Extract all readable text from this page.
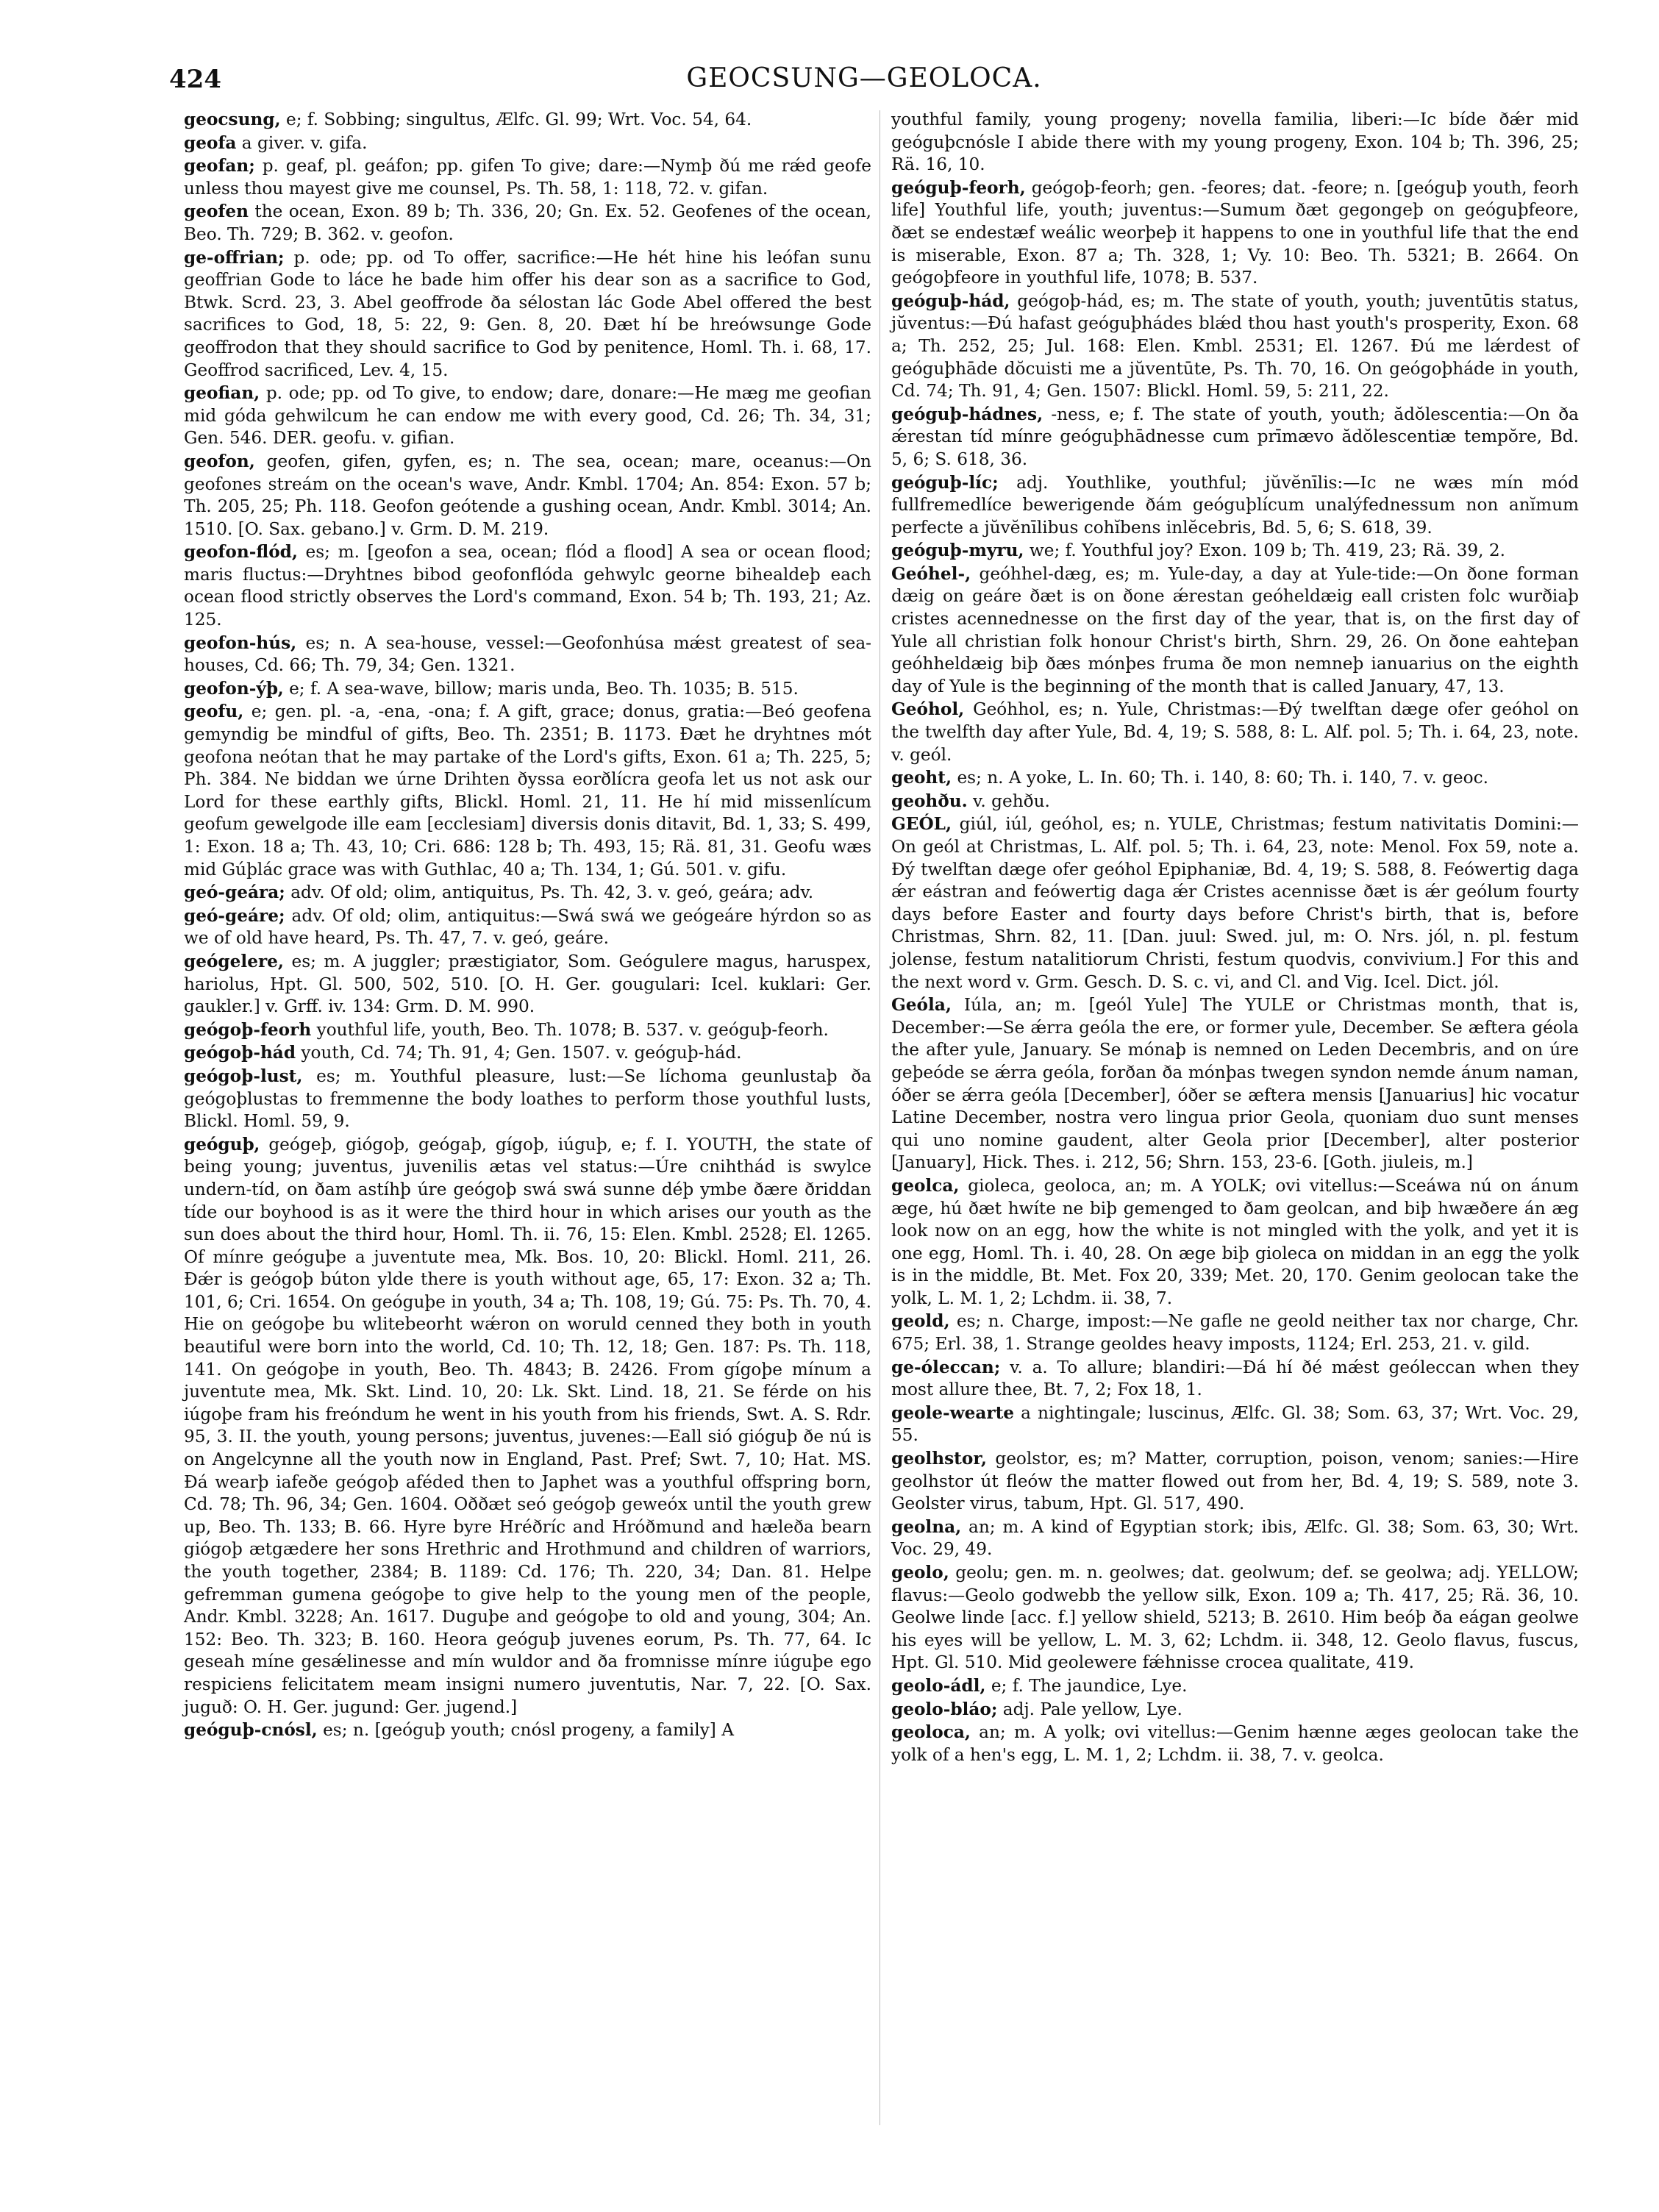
424	GEOCSUNG—GEOLOCA.

geocsung, e; f. Sobbing; singultus, Ælfc. Gl. 99; Wrt. Voc. 54, 64.

geofa a giver. v. gifa.

geofan; p. geaf, pl. geáfon; pp. gifen To give; dare:—Nymþ ðú me rǽd geofe unless thou mayest give me counsel, Ps. Th. 58, 1: 118, 72. v. gifan.

geofen the ocean, Exon. 89 b; Th. 336, 20; Gn. Ex. 52. Geofenes of the ocean, Beo. Th. 729; B. 362. v. geofon.

ge-offrian; p. ode; pp. od To offer, sacrifice:—He hét hine his leófan sunu geoffrian Gode to láce he bade him offer his dear son as a sacrifice to God, Btwk. Scrd. 23, 3. Abel geoffrode ða sélostan lác Gode Abel offered the best sacrifices to God, 18, 5: 22, 9: Gen. 8, 20. Ðæt hí be hreówsunge Gode geoffrodon that they should sacrifice to God by penitence, Homl. Th. i. 68, 17. Geoffrod sacrificed, Lev. 4, 15.

geofian, p. ode; pp. od To give, to endow; dare, donare:—He mæg me geofian mid góda gehwilcum he can endow me with every good, Cd. 26; Th. 34, 31; Gen. 546. DER. geofu. v. gifian.

geofon, geofen, gifen, gyfen, es; n. The sea, ocean; mare, oceanus:—On geofones streám on the ocean's wave, Andr. Kmbl. 1704; An. 854: Exon. 57 b; Th. 205, 25; Ph. 118. Geofon geótende a gushing ocean, Andr. Kmbl. 3014; An. 1510. [O. Sax. gebano.] v. Grm. D. M. 219.

geofon-flód, es; m. [geofon a sea, ocean; flód a flood] A sea or ocean flood; maris fluctus:—Dryhtnes bibod geofonflóda gehwylc georne bihealdeþ each ocean flood strictly observes the Lord's command, Exon. 54 b; Th. 193, 21; Az. 125.

geofon-hús, es; n. A sea-house, vessel:—Geofonhúsa mǽst greatest of sea-houses, Cd. 66; Th. 79, 34; Gen. 1321.

geofon-ýþ, e; f. A sea-wave, billow; maris unda, Beo. Th. 1035; B. 515.

geofu, e; gen. pl. -a, -ena, -ona; f. A gift, grace; donus, gratia:—Beó geofena gemyndig be mindful of gifts, Beo. Th. 2351; B. 1173. Ðæt he dryhtnes mót geofona neótan that he may partake of the Lord's gifts, Exon. 61 a; Th. 225, 5; Ph. 384. Ne biddan we úrne Drihten ðyssa eorðlícra geofa let us not ask our Lord for these earthly gifts, Blickl. Homl. 21, 11. He hí mid missenlícum geofum gewelgode ille eam [ecclesiam] diversis donis ditavit, Bd. 1, 33; S. 499, 1: Exon. 18 a; Th. 43, 10; Cri. 686: 128 b; Th. 493, 15; Rä. 81, 31. Geofu wæs mid Gúþlác grace was with Guthlac, 40 a; Th. 134, 1; Gú. 501. v. gifu.

geó-geára; adv. Of old; olim, antiquitus, Ps. Th. 42, 3. v. geó, geára; adv.

geó-geáre; adv. Of old; olim, antiquitus:—Swá swá we geógeáre hýrdon so as we of old have heard, Ps. Th. 47, 7. v. geó, geáre.

geógelere, es; m. A juggler; præstigiator, Som. Geógulere magus, haruspex, hariolus, Hpt. Gl. 500, 502, 510. [O. H. Ger. gougulari: Icel. kuklari: Ger. gaukler.] v. Grff. iv. 134: Grm. D. M. 990.

geógoþ-feorh youthful life, youth, Beo. Th. 1078; B. 537. v. geóguþ-feorh.

geógoþ-hád youth, Cd. 74; Th. 91, 4; Gen. 1507. v. geóguþ-hád.

geógoþ-lust, es; m. Youthful pleasure, lust:—Se líchoma geunlustaþ ða geógoþlustas to fremmenne the body loathes to perform those youthful lusts, Blickl. Homl. 59, 9.

geóguþ, geógeþ, giógoþ, geógaþ, gígoþ, iúguþ, e; f. I. YOUTH, the state of being young; juventus, juvenilis ætas vel status:—Úre cnihthád is swylce undern-tíd, on ðam astíhþ úre geógoþ swá swá sunne déþ ymbe ðære ðriddan tíde our boyhood is as it were the third hour in which arises our youth as the sun does about the third hour, Homl. Th. ii. 76, 15: Elen. Kmbl. 2528; El. 1265. Of mínre geóguþe a juventute mea, Mk. Bos. 10, 20: Blickl. Homl. 211, 26. Ðǽr is geógoþ búton ylde there is youth without age, 65, 17: Exon. 32 a; Th. 101, 6; Cri. 1654. On geóguþe in youth, 34 a; Th. 108, 19; Gú. 75: Ps. Th. 70, 4. Hie on geógoþe bu wlitebeorht wǽron on woruld cenned they both in youth beautiful were born into the world, Cd. 10; Th. 12, 18; Gen. 187: Ps. Th. 118, 141. On geógoþe in youth, Beo. Th. 4843; B. 2426. From gígoþe mínum a juventute mea, Mk. Skt. Lind. 10, 20: Lk. Skt. Lind. 18, 21. Se férde on his iúgoþe fram his freóndum he went in his youth from his friends, Swt. A. S. Rdr. 95, 3. II. the youth, young persons; juventus, juvenes:—Eall sió gióguþ ðe nú is on Angelcynne all the youth now in England, Past. Pref; Swt. 7, 10; Hat. MS. Ðá wearþ iafeðe geógoþ aféded then to Japhet was a youthful offspring born, Cd. 78; Th. 96, 34; Gen. 1604. Oððæt seó geógoþ geweóx until the youth grew up, Beo. Th. 133; B. 66. Hyre byre Hréðríc and Hróðmund and hæleða bearn giógoþ ætgædere her sons Hrethric and Hrothmund and children of warriors, the youth together, 2384; B. 1189: Cd. 176; Th. 220, 34; Dan. 81. Helpe gefremman gumena geógoþe to give help to the young men of the people, Andr. Kmbl. 3228; An. 1617. Duguþe and geógoþe to old and young, 304; An. 152: Beo. Th. 323; B. 160. Heora geóguþ juvenes eorum, Ps. Th. 77, 64. Ic geseah míne gesǽlinesse and mín wuldor and ða fromnisse mínre iúguþe ego respiciens felicitatem meam insigni numero juventutis, Nar. 7, 22. [O. Sax. juguð: O. H. Ger. jugund: Ger. jugend.]

geóguþ-cnósl, es; n. [geóguþ youth; cnósl progeny, a family] A

youthful family, young progeny; novella familia, liberi:—Ic bíde ðǽr mid geóguþcnósle I abide there with my young progeny, Exon. 104 b; Th. 396, 25; Rä. 16, 10.

geóguþ-feorh, geógoþ-feorh; gen. -feores; dat. -feore; n. [geóguþ youth, feorh life] Youthful life, youth; juventus:—Sumum ðæt gegongeþ on geóguþfeore, ðæt se endestæf weálic weorþeþ it happens to one in youthful life that the end is miserable, Exon. 87 a; Th. 328, 1; Vy. 10: Beo. Th. 5321; B. 2664. On geógoþfeore in youthful life, 1078; B. 537.

geóguþ-hád, geógoþ-hád, es; m. The state of youth, youth; juventūtis status, jŭventus:—Ðú hafast geóguþhádes blǽd thou hast youth's prosperity, Exon. 68 a; Th. 252, 25; Jul. 168: Elen. Kmbl. 2531; El. 1267. Ðú me lǽrdest of geóguþhāde dŏcuisti me a jŭventūte, Ps. Th. 70, 16. On geógoþháde in youth, Cd. 74; Th. 91, 4; Gen. 1507: Blickl. Homl. 59, 5: 211, 22.

geóguþ-hádnes, -ness, e; f. The state of youth, youth; ădŏlescentia:—On ða ǽrestan tíd mínre geóguþhādnesse cum prīmævo ădŏlescentiæ tempŏre, Bd. 5, 6; S. 618, 36.

geóguþ-líc; adj. Youthlike, youthful; jŭvĕnīlis:—Ic ne wæs mín mód fullfremedlíce bewerigende ðám geóguþlícum unalýfednessum non anĭmum perfecte a jŭvĕnīlibus cohĭbens inlĕcebris, Bd. 5, 6; S. 618, 39.

geóguþ-myru, we; f. Youthful joy? Exon. 109 b; Th. 419, 23; Rä. 39, 2.

Geóhel-, geóhhel-dæg, es; m. Yule-day, a day at Yule-tide:—On ðone forman dæig on geáre ðæt is on ðone ǽrestan geóheldæig eall cristen folc wurðiaþ cristes acennednesse on the first day of the year, that is, on the first day of Yule all christian folk honour Christ's birth, Shrn. 29, 26. On ðone eahteþan geóhheldæig biþ ðæs mónþes fruma ðe mon nemneþ ianuarius on the eighth day of Yule is the beginning of the month that is called January, 47, 13.

Geóhol, Geóhhol, es; n. Yule, Christmas:—Ðý twelftan dæge ofer geóhol on the twelfth day after Yule, Bd. 4, 19; S. 588, 8: L. Alf. pol. 5; Th. i. 64, 23, note. v. geól.

geoht, es; n. A yoke, L. In. 60; Th. i. 140, 8: 60; Th. i. 140, 7. v. geoc.

geohðu. v. gehðu.

GEÓL, giúl, iúl, geóhol, es; n. YULE, Christmas; festum nativitatis Domini:—On geól at Christmas, L. Alf. pol. 5; Th. i. 64, 23, note: Menol. Fox 59, note a. Ðý twelftan dæge ofer geóhol Epiphaniæ, Bd. 4, 19; S. 588, 8. Feówertig daga ǽr eástran and feówertig daga ǽr Cristes acennisse ðæt is ǽr geólum fourty days before Easter and fourty days before Christ's birth, that is, before Christmas, Shrn. 82, 11. [Dan. juul: Swed. jul, m: O. Nrs. jól, n. pl. festum jolense, festum natalitiorum Christi, festum quodvis, convivium.] For this and the next word v. Grm. Gesch. D. S. c. vi, and Cl. and Vig. Icel. Dict. jól.

Geóla, Iúla, an; m. [geól Yule] The YULE or Christmas month, that is, December:—Se ǽrra geóla the ere, or former yule, December. Se æftera géola the after yule, January. Se mónaþ is nemned on Leden Decembris, and on úre geþeóde se ǽrra geóla, forðan ða mónþas twegen syndon nemde ánum naman, óðer se ǽrra geóla [December], óðer se æftera mensis [Januarius] hic vocatur Latine December, nostra vero lingua prior Geola, quoniam duo sunt menses qui uno nomine gaudent, alter Geola prior [December], alter posterior [January], Hick. Thes. i. 212, 56; Shrn. 153, 23-6. [Goth. jiuleis, m.]

geolca, gioleca, geoloca, an; m. A YOLK; ovi vitellus:—Sceáwa nú on ánum æge, hú ðæt hwíte ne biþ gemenged to ðam geolcan, and biþ hwæðere án æg look now on an egg, how the white is not mingled with the yolk, and yet it is one egg, Homl. Th. i. 40, 28. On æge biþ gioleca on middan in an egg the yolk is in the middle, Bt. Met. Fox 20, 339; Met. 20, 170. Genim geolocan take the yolk, L. M. 1, 2; Lchdm. ii. 38, 7.

geold, es; n. Charge, impost:—Ne gafle ne geold neither tax nor charge, Chr. 675; Erl. 38, 1. Strange geoldes heavy imposts, 1124; Erl. 253, 21. v. gild.

ge-óleccan; v. a. To allure; blandiri:—Ðá hí ðé mǽst geóleccan when they most allure thee, Bt. 7, 2; Fox 18, 1.

geole-wearte a nightingale; luscinus, Ælfc. Gl. 38; Som. 63, 37; Wrt. Voc. 29, 55.

geolhstor, geolstor, es; m? Matter, corruption, poison, venom; sanies:—Hire geolhstor út fleów the matter flowed out from her, Bd. 4, 19; S. 589, note 3. Geolster virus, tabum, Hpt. Gl. 517, 490.

geolna, an; m. A kind of Egyptian stork; ibis, Ælfc. Gl. 38; Som. 63, 30; Wrt. Voc. 29, 49.

geolo, geolu; gen. m. n. geolwes; dat. geolwum; def. se geolwa; adj. YELLOW; flavus:—Geolo godwebb the yellow silk, Exon. 109 a; Th. 417, 25; Rä. 36, 10. Geolwe linde [acc. f.] yellow shield, 5213; B. 2610. Him beóþ ða eágan geolwe his eyes will be yellow, L. M. 3, 62; Lchdm. ii. 348, 12. Geolo flavus, fuscus, Hpt. Gl. 510. Mid geolewere fǽhnisse crocea qualitate, 419.

geolo-ádl, e; f. The jaundice, Lye.

geolo-bláo; adj. Pale yellow, Lye.

geoloca, an; m. A yolk; ovi vitellus:—Genim hænne æges geolocan take the yolk of a hen's egg, L. M. 1, 2; Lchdm. ii. 38, 7. v. geolca.
